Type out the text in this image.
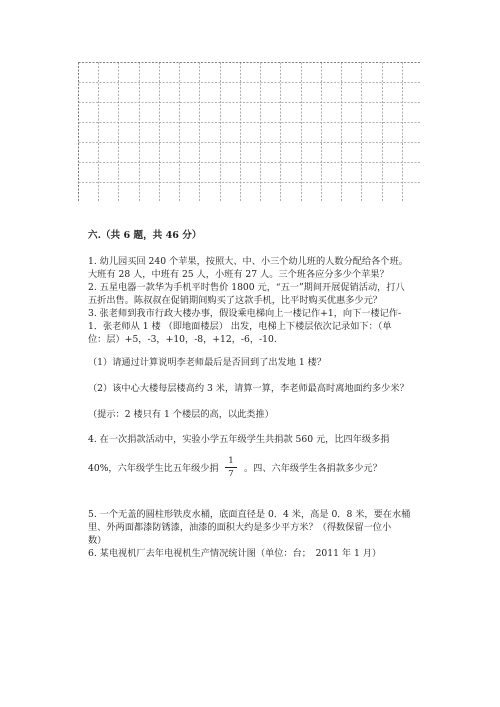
六.（共 6 题，共 46 分）
1. 幼儿园买回 240 个苹果，按照大、中、小三个幼儿班的人数分配给各个班。
大班有 28 人，中班有 25 人，小班有 27 人。三个班各应分多少个苹果？
2. 五星电器一款华为手机平时售价 1800 元，“五一”期间开展促销活动，打八
五折出售。陈叔叔在促销期间购买了这款手机，比平时购买优惠多少元？
3. 张老师到我市行政大楼办事，假设乘电梯向上一楼记作+1，向下一楼记作-
1．张老师从 1 楼 （即地面楼层） 出发，电梯上下楼层依次记录如下：（单
位：层）+5，-3，+10，-8，+12，-6，-10.
（1）请通过计算说明李老师最后是否回到了出发地 1 楼？
（2）该中心大楼每层楼高约 3 米，请算一算，李老师最高时离地面约多少米？
（提示：2 楼只有 1 个楼层的高，以此类推）
4. 在一次捐款活动中，实验小学五年级学生共捐款 560 元，比四年级多捐
40%，六年级学生比五年级少捐 $\frac{1}{7}$ 。四、六年级学生各捐款多少元？
5. 一个无盖的圆柱形铁皮水桶，底面直径是 0．4 米，高是 0．8 米，要在水桶
里、外两面都漆防锈漆，油漆的面积大约是多少平方米？（得数保留一位小
数）
6. 某电视机厂去年电视机生产情况统计图（单位：台；　2011 年 1 月）
